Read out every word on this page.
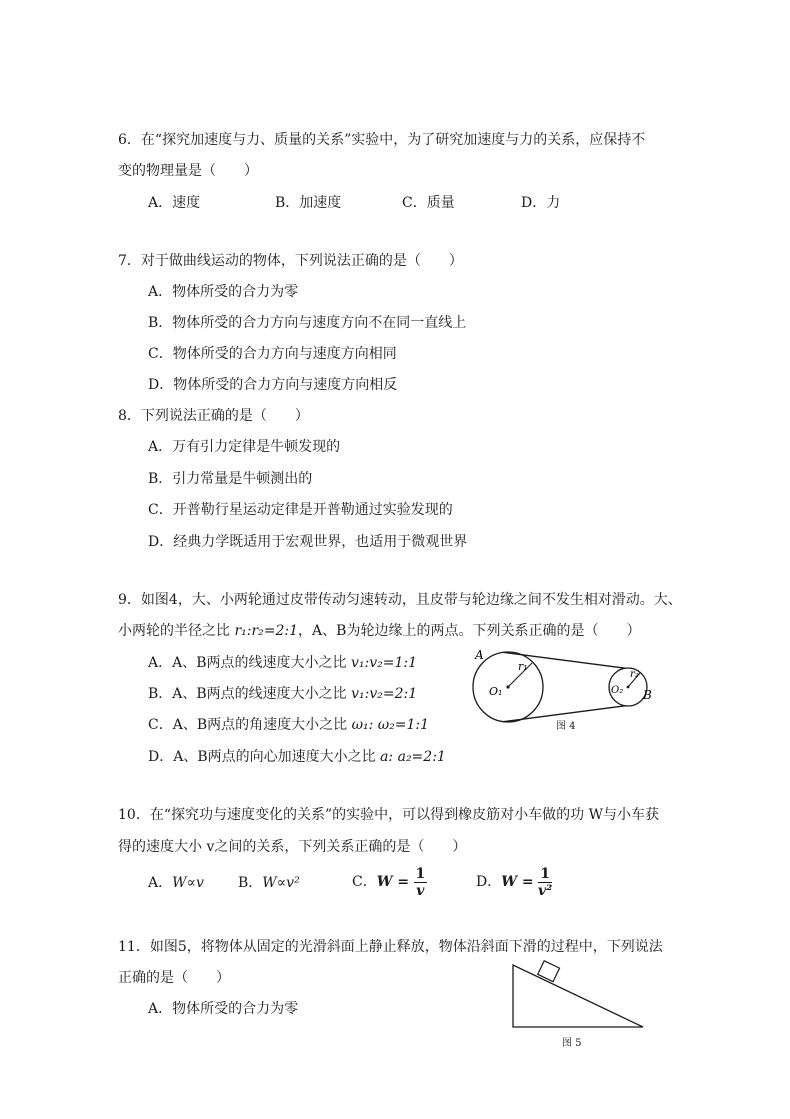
6．在“探究加速度与力、质量的关系”实验中，为了研究加速度与力的关系，应保持不
变的物理量是（　　）
A．速度	B．加速度	C．质量	D．力
7．对于做曲线运动的物体，下列说法正确的是（　　）
A．物体所受的合力为零
B．物体所受的合力方向与速度方向不在同一直线上
C．物体所受的合力方向与速度方向相同
D．物体所受的合力方向与速度方向相反
8．下列说法正确的是（　　）
A．万有引力定律是牛顿发现的
B．引力常量是牛顿测出的
C．开普勒行星运动定律是开普勒通过实验发现的
D．经典力学既适用于宏观世界，也适用于微观世界
9．如图4，大、小两轮通过皮带传动匀速转动，且皮带与轮边缘之间不发生相对滑动。大、
小两轮的半径之比 r₁:r₂=2:1，A、B为轮边缘上的两点。下列关系正确的是（　　）
A．A、B两点的线速度大小之比 v₁:v₂=1:1
B．A、B两点的线速度大小之比 v₁:v₂=2:1
C．A、B两点的角速度大小之比 ω₁: ω₂=1:1
D．A、B两点的向心加速度大小之比 a: a₂=2:1
A
B
O₁	O₂
r₁
r₂
图 4
10．在“探究功与速度变化的关系”的实验中，可以得到橡皮筋对小车做的功 W与小车获
得的速度大小 v之间的关系，下列关系正确的是（　　）
A．W∝v B．W∝v²	C．$W = \frac{1}{v}$	D．$W = \frac{1}{\text{v²}}$
11．如图5，将物体从固定的光滑斜面上静止释放，物体沿斜面下滑的过程中，下列说法
正确的是（　　）
A．物体所受的合力为零
图 5
